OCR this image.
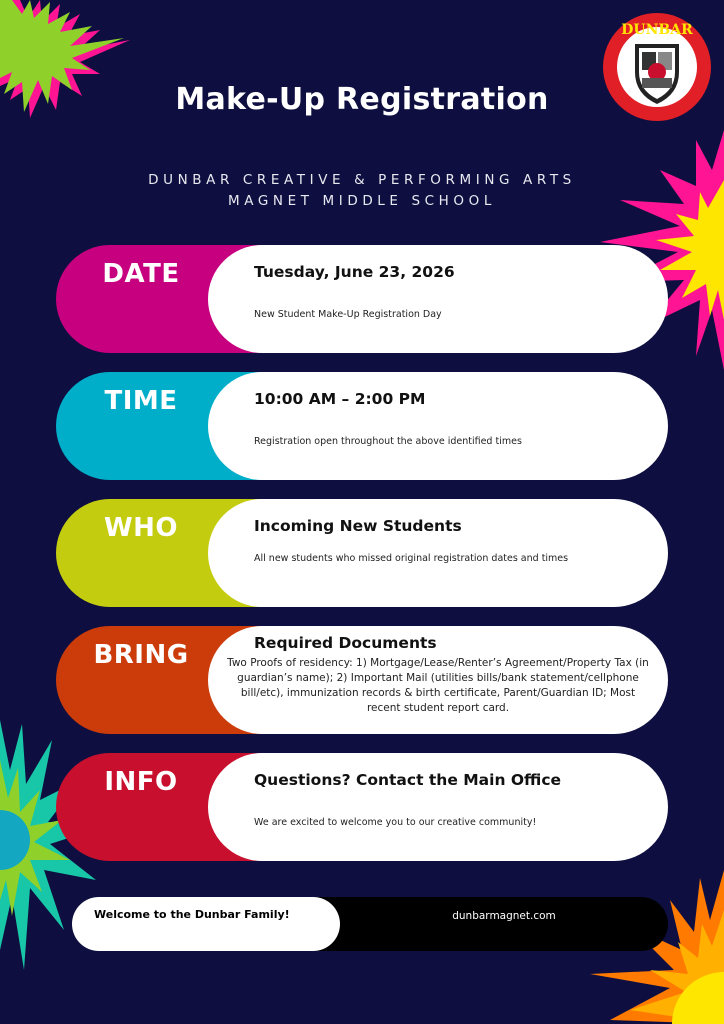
DUNBAR
Make-Up Registration
DUNBAR CREATIVE & PERFORMING ARTS
MAGNET MIDDLE SCHOOL
DATE	Tuesday, June 23, 2026
New Student Make-Up Registration Day
TIME	10:00 AM – 2:00 PM
Registration open throughout the above identified times
WHO	Incoming New Students
All new students who missed original registration dates and times
BRING	Required Documents
Two Proofs of residency: 1) Mortgage/Lease/Renter’s Agreement/Property Tax (in guardian’s name); 2) Important Mail (utilities bills/bank statement/cellphone bill/etc), immunization records & birth certificate, Parent/Guardian ID; Most recent student report card.
INFO	Questions? Contact the Main Office
We are excited to welcome you to our creative community!
Welcome to the Dunbar Family!	dunbarmagnet.com
